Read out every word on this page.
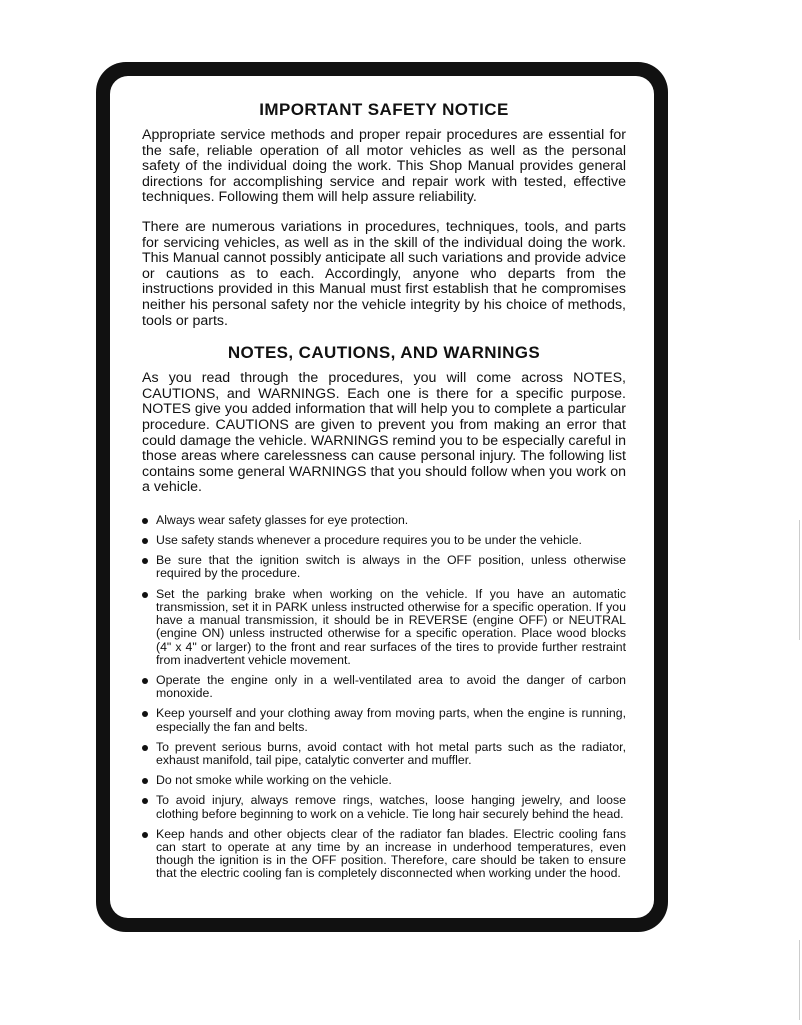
IMPORTANT SAFETY NOTICE

Appropriate service methods and proper repair procedures are essential for the safe, reliable operation of all motor vehicles as well as the personal safety of the individual doing the work. This Shop Manual provides general directions for accomplishing service and repair work with tested, effective techniques. Following them will help assure reliability.

There are numerous variations in procedures, techniques, tools, and parts for servicing vehicles, as well as in the skill of the individual doing the work. This Manual cannot possibly anticipate all such variations and provide advice or cautions as to each. Accordingly, anyone who departs from the instructions provided in this Manual must first establish that he compromises neither his personal safety nor the vehicle integrity by his choice of methods, tools or parts.

NOTES, CAUTIONS, AND WARNINGS

As you read through the procedures, you will come across NOTES, CAUTIONS, and WARNINGS. Each one is there for a specific purpose. NOTES give you added information that will help you to complete a particular procedure. CAUTIONS are given to prevent you from making an error that could damage the vehicle. WARNINGS remind you to be especially careful in those areas where carelessness can cause personal injury. The following list contains some general WARNINGS that you should follow when you work on a vehicle.

Always wear safety glasses for eye protection.
Use safety stands whenever a procedure requires you to be under the vehicle.
Be sure that the ignition switch is always in the OFF position, unless otherwise required by the procedure.
Set the parking brake when working on the vehicle. If you have an automatic transmission, set it in PARK unless instructed otherwise for a specific operation. If you have a manual transmission, it should be in REVERSE (engine OFF) or NEUTRAL (engine ON) unless instructed otherwise for a specific operation. Place wood blocks (4" x 4" or larger) to the front and rear surfaces of the tires to provide further restraint from inadvertent vehicle movement.
Operate the engine only in a well-ventilated area to avoid the danger of carbon monoxide.
Keep yourself and your clothing away from moving parts, when the engine is running, especially the fan and belts.
To prevent serious burns, avoid contact with hot metal parts such as the radiator, exhaust manifold, tail pipe, catalytic converter and muffler.
Do not smoke while working on the vehicle.
To avoid injury, always remove rings, watches, loose hanging jewelry, and loose clothing before beginning to work on a vehicle. Tie long hair securely behind the head.
Keep hands and other objects clear of the radiator fan blades. Electric cooling fans can start to operate at any time by an increase in underhood temperatures, even though the ignition is in the OFF position. Therefore, care should be taken to ensure that the electric cooling fan is completely disconnected when working under the hood.
